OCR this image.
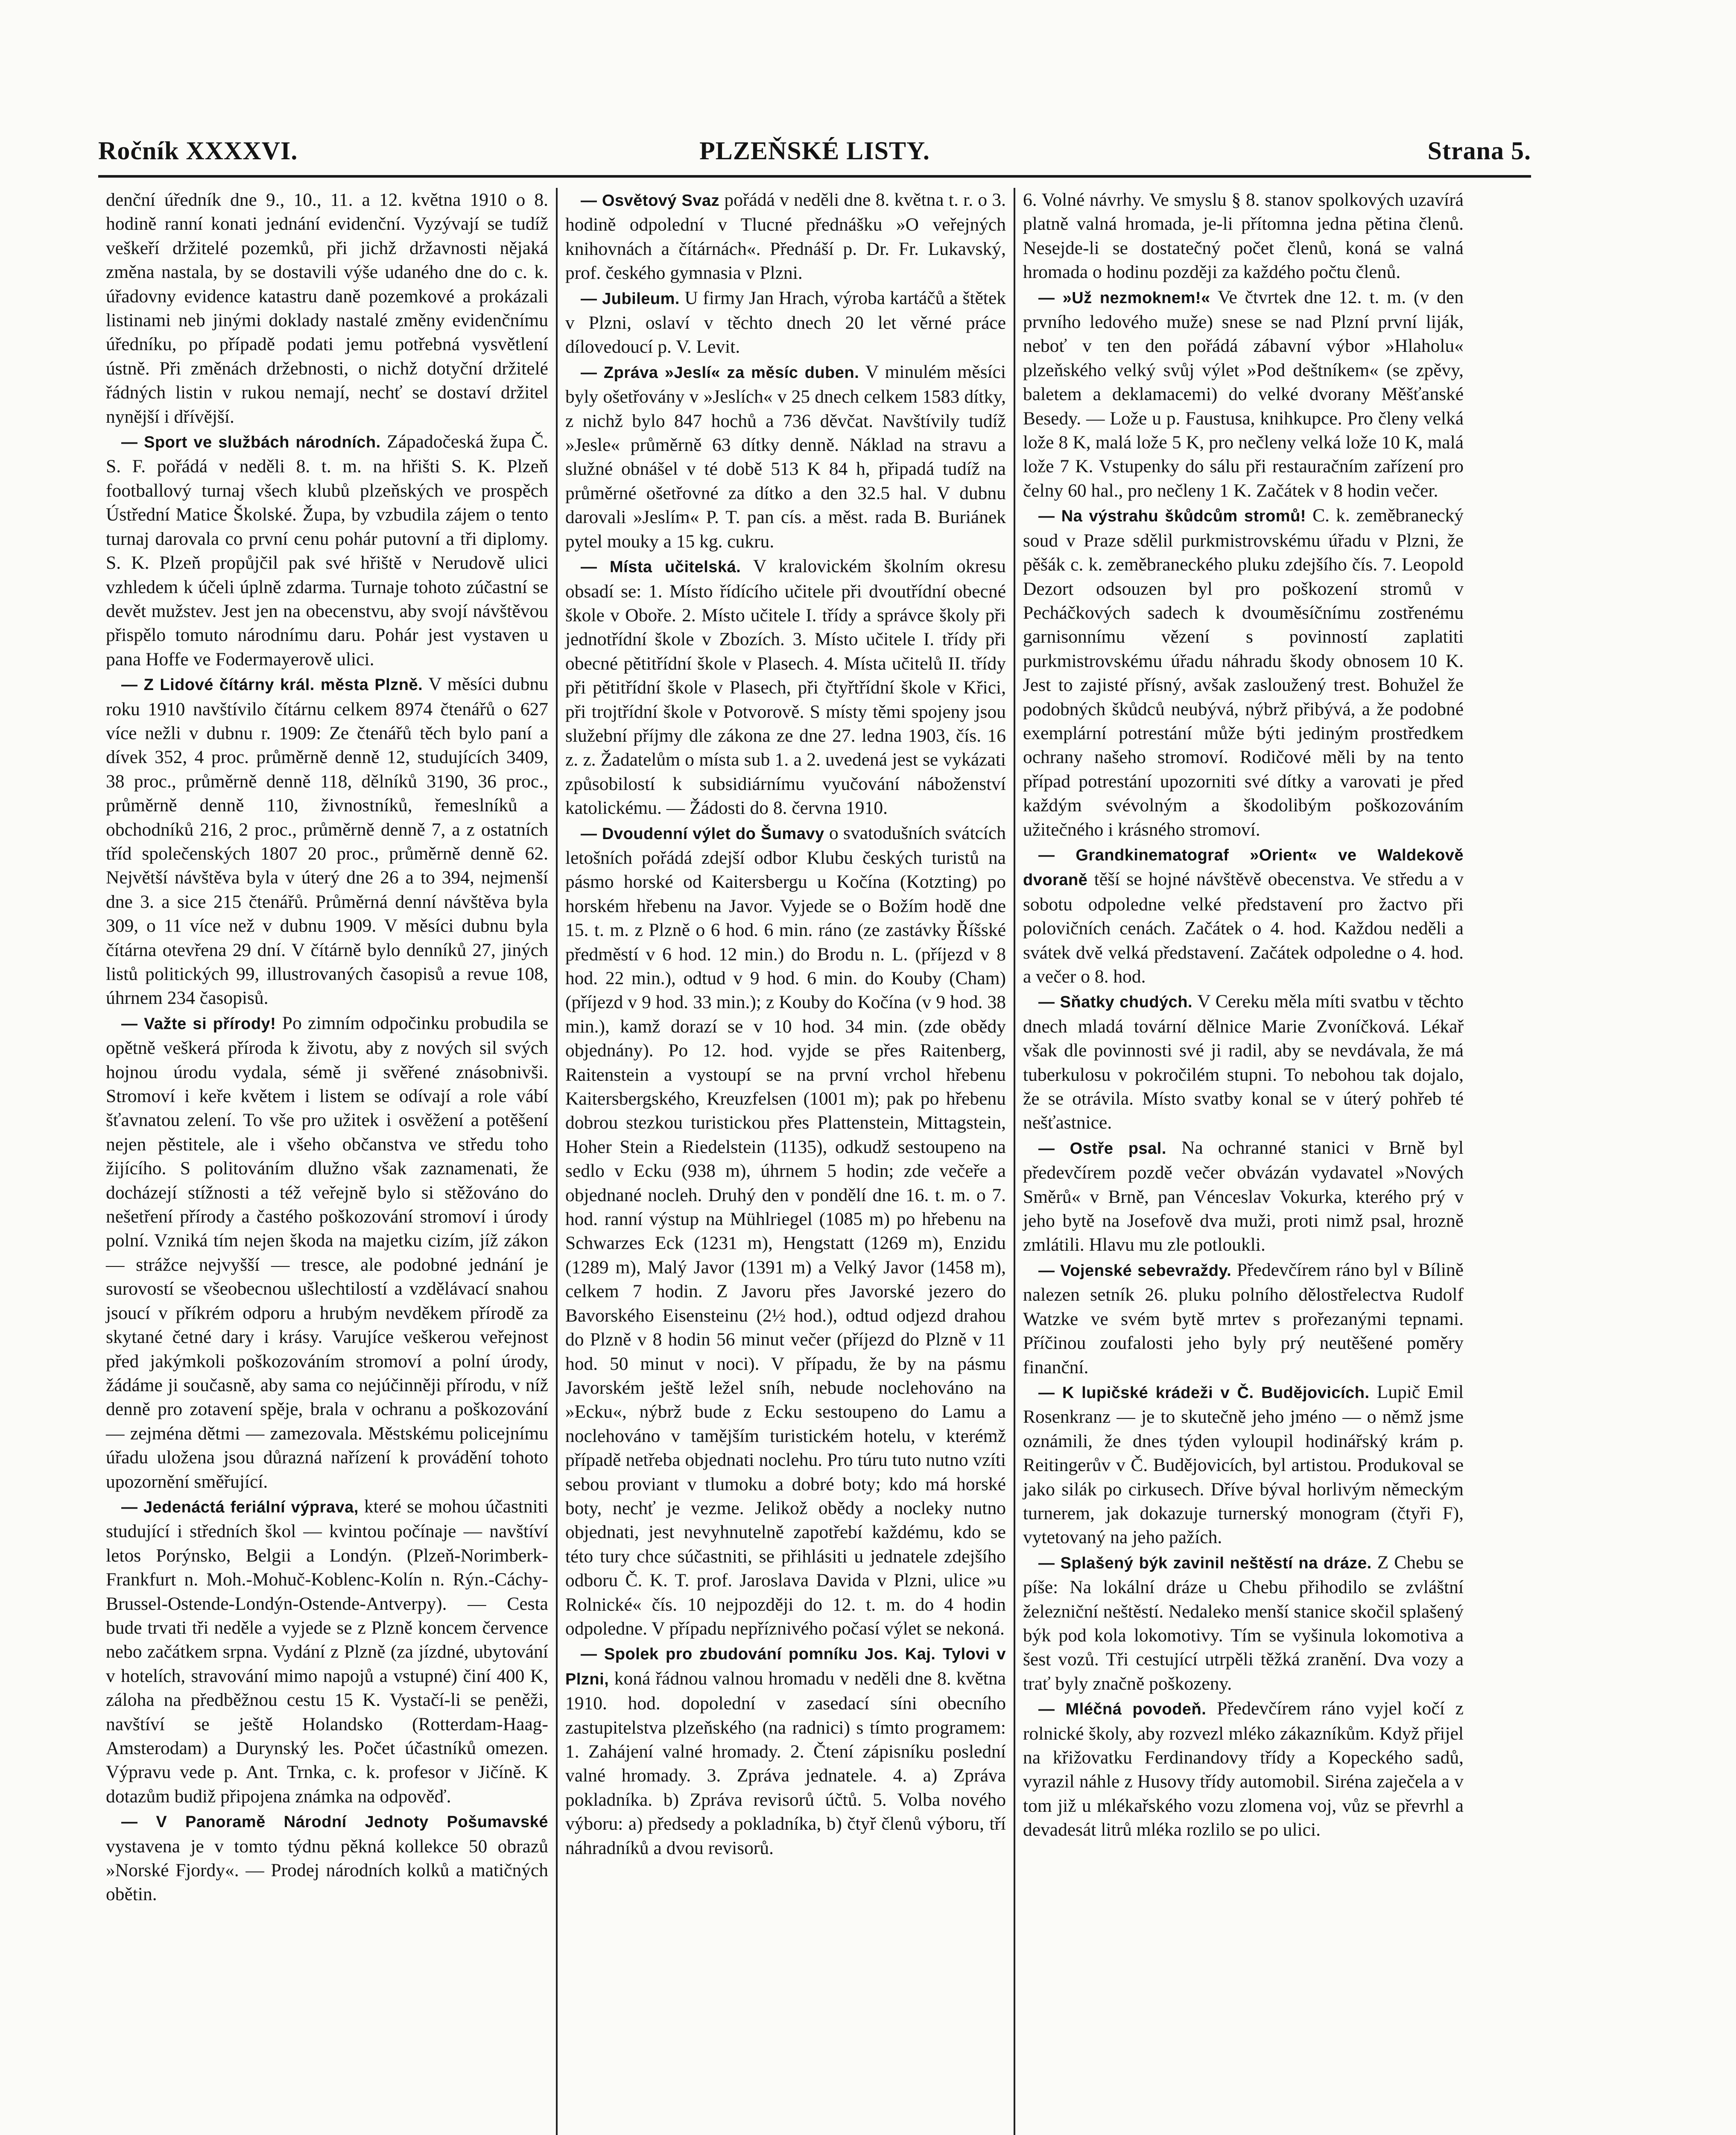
Ročník XXXXVI.	PLZEŇSKÉ LISTY.	Strana 5.

denční úředník dne 9., 10., 11. a 12. května 1910 o 8. hodině ranní konati jednání evidenční. Vyzývají se tudíž veškeří držitelé pozemků, při jichž državnosti nějaká změna nastala, by se dostavili výše udaného dne do c. k. úřadovny evidence katastru daně pozemkové a prokázali listinami neb jinými doklady nastalé změny evidenčnímu úředníku, po případě podati jemu potřebná vysvětlení ústně. Při změnách držebnosti, o nichž dotyční držitelé řádných listin v rukou nemají, nechť se dostaví držitel nynější i dřívější.

— Sport ve službách národních. Západočeská župa Č. S. F. pořádá v neděli 8. t. m. na hřišti S. K. Plzeň footballový turnaj všech klubů plzeňských ve prospěch Ústřední Matice Školské. Župa, by vzbudila zájem o tento turnaj darovala co první cenu pohár putovní a tři diplomy. S. K. Plzeň propůjčil pak své hřiště v Nerudově ulici vzhledem k účeli úplně zdarma. Turnaje tohoto zúčastní se devět mužstev. Jest jen na obecenstvu, aby svojí návštěvou přispělo tomuto národnímu daru. Pohár jest vystaven u pana Hoffe ve Fodermayerově ulici.

— Z Lidové čítárny král. města Plzně. V měsíci dubnu roku 1910 navštívilo čítárnu celkem 8974 čtenářů o 627 více nežli v dubnu r. 1909: Ze čtenářů těch bylo paní a dívek 352, 4 proc. průměrně denně 12, studujících 3409, 38 proc., průměrně denně 118, dělníků 3190, 36 proc., průměrně denně 110, živnostníků, řemeslníků a obchodníků 216, 2 proc., průměrně denně 7, a z ostatních tříd společenských 1807 20 proc., průměrně denně 62. Největší návštěva byla v úterý dne 26 a to 394, nejmenší dne 3. a sice 215 čtenářů. Průměrná denní návštěva byla 309, o 11 více než v dubnu 1909. V měsíci dubnu byla čítárna otevřena 29 dní. V čítárně bylo denníků 27, jiných listů politických 99, illustrovaných časopisů a revue 108, úhrnem 234 časopisů.

— Važte si přírody! Po zimním odpočinku probudila se opětně veškerá příroda k životu, aby z nových sil svých hojnou úrodu vydala, sémě ji svěřené znásobnivši. Stromoví i keře květem i listem se odívají a role vábí šťavnatou zelení. To vše pro užitek i osvěžení a potěšení nejen pěstitele, ale i všeho občanstva ve středu toho žijícího. S politováním dlužno však zaznamenati, že docházejí stížnosti a též veřejně bylo si stěžováno do nešetření přírody a častého poškozování stromoví i úrody polní. Vzniká tím nejen škoda na majetku cizím, jíž zákon — strážce nejvyšší — tresce, ale podobné jednání je surovostí se všeobecnou ušlechtilostí a vzdělávací snahou jsoucí v příkrém odporu a hrubým nevděkem přírodě za skytané četné dary i krásy. Varujíce veškerou veřejnost před jakýmkoli poškozováním stromoví a polní úrody, žádáme ji současně, aby sama co nejúčinněji přírodu, v níž denně pro zotavení spěje, brala v ochranu a poškozování — zejména dětmi — zamezovala. Městskému policejnímu úřadu uložena jsou důrazná nařízení k provádění tohoto upozornění směřující.

— Jedenáctá feriální výprava, které se mohou účastniti studující i středních škol — kvintou počínaje — navštíví letos Porýnsko, Belgii a Londýn. (Plzeň-Norimberk-Frankfurt n. Moh.-Mohuč-Koblenc-Kolín n. Rýn.-Cáchy-Brussel-Ostende-Londýn-Ostende-Antverpy). — Cesta bude trvati tři neděle a vyjede se z Plzně koncem července nebo začátkem srpna. Vydání z Plzně (za jízdné, ubytování v hotelích, stravování mimo napojů a vstupné) činí 400 K, záloha na předběžnou cestu 15 K. Vystačí-li se peněži, navštíví se ještě Holandsko (Rotterdam-Haag-Amsterodam) a Durynský les. Počet účastníků omezen. Výpravu vede p. Ant. Trnka, c. k. profesor v Jičíně. K dotazům budiž připojena známka na odpověď.

— V Panoramě Národní Jednoty Pošumavské vystavena je v tomto týdnu pěkná kollekce 50 obrazů »Norské Fjordy«. — Prodej národních kolků a matičných obětin.

— Osvětový Svaz pořádá v neděli dne 8. května t. r. o 3. hodině odpolední v Tlucné přednášku »O veřejných knihovnách a čítárnách«. Přednáší p. Dr. Fr. Lukavský, prof. českého gymnasia v Plzni.

— Jubileum. U firmy Jan Hrach, výroba kartáčů a štětek v Plzni, oslaví v těchto dnech 20 let věrné práce dílovedoucí p. V. Levit.

— Zpráva »Jeslí« za měsíc duben. V minulém měsíci byly ošetřovány v »Jeslích« v 25 dnech celkem 1583 dítky, z nichž bylo 847 hochů a 736 děvčat. Navštívily tudíž »Jesle« průměrně 63 dítky denně. Náklad na stravu a služné obnášel v té době 513 K 84 h, připadá tudíž na průměrné ošetřovné za dítko a den 32.5 hal. V dubnu darovali »Jeslím« P. T. pan cís. a měst. rada B. Buriánek pytel mouky a 15 kg. cukru.

— Místa učitelská. V kralovickém školním okresu obsadí se: 1. Místo řídícího učitele při dvoutřídní obecné škole v Oboře. 2. Místo učitele I. třídy a správce školy při jednotřídní škole v Zbozích. 3. Místo učitele I. třídy při obecné pětitřídní škole v Plasech. 4. Místa učitelů II. třídy při pětitřídní škole v Plasech, při čtyřtřídní škole v Křici, při trojtřídní škole v Potvorově. S místy těmi spojeny jsou služební příjmy dle zákona ze dne 27. ledna 1903, čís. 16 z. z. Žadatelům o místa sub 1. a 2. uvedená jest se vykázati způsobilostí k subsidiárnímu vyučování náboženství katolickému. — Žádosti do 8. června 1910.

— Dvoudenní výlet do Šumavy o svatodušních svátcích letošních pořádá zdejší odbor Klubu českých turistů na pásmo horské od Kaitersbergu u Kočína (Kotzting) po horském hřebenu na Javor. Vyjede se o Božím hodě dne 15. t. m. z Plzně o 6 hod. 6 min. ráno (ze zastávky Říšské předměstí v 6 hod. 12 min.) do Brodu n. L. (příjezd v 8 hod. 22 min.), odtud v 9 hod. 6 min. do Kouby (Cham) (příjezd v 9 hod. 33 min.); z Kouby do Kočína (v 9 hod. 38 min.), kamž dorazí se v 10 hod. 34 min. (zde obědy objednány). Po 12. hod. vyjde se přes Raitenberg, Raitenstein a vystoupí se na první vrchol hřebenu Kaitersbergského, Kreuzfelsen (1001 m); pak po hřebenu dobrou stezkou turistickou přes Plattenstein, Mittagstein, Hoher Stein a Riedelstein (1135), odkudž sestoupeno na sedlo v Ecku (938 m), úhrnem 5 hodin; zde večeře a objednané nocleh. Druhý den v pondělí dne 16. t. m. o 7. hod. ranní výstup na Mühlriegel (1085 m) po hřebenu na Schwarzes Eck (1231 m), Hengstatt (1269 m), Enzidu (1289 m), Malý Javor (1391 m) a Velký Javor (1458 m), celkem 7 hodin. Z Javoru přes Javorské jezero do Bavorského Eisensteinu (2½ hod.), odtud odjezd drahou do Plzně v 8 hodin 56 minut večer (příjezd do Plzně v 11 hod. 50 minut v noci). V případu, že by na pásmu Javorském ještě ležel sníh, nebude noclehováno na »Ecku«, nýbrž bude z Ecku sestoupeno do Lamu a noclehováno v tamějším turistickém hotelu, v kterémž případě netřeba objednati noclehu. Pro túru tuto nutno vzíti sebou proviant v tlumoku a dobré boty; kdo má horské boty, nechť je vezme. Jelikož obědy a nocleky nutno objednati, jest nevyhnutelně zapotřebí každému, kdo se této tury chce súčastniti, se přihlásiti u jednatele zdejšího odboru Č. K. T. prof. Jaroslava Davida v Plzni, ulice »u Rolnické« čís. 10 nejpozději do 12. t. m. do 4 hodin odpoledne. V případu nepříznivého počasí výlet se nekoná.

— Spolek pro zbudování pomníku Jos. Kaj. Tylovi v Plzni, koná řádnou valnou hromadu v neděli dne 8. května 1910. hod. dopolední v zasedací síni obecního zastupitelstva plzeňského (na radnici) s tímto programem: 1. Zahájení valné hromady. 2. Čtení zápisníku poslední valné hromady. 3. Zpráva jednatele. 4. a) Zpráva pokladníka. b) Zpráva revisorů účtů. 5. Volba nového výboru: a) předsedy a pokladníka, b) čtyř členů výboru, tří náhradníků a dvou revisorů.

6. Volné návrhy. Ve smyslu § 8. stanov spolkových uzavírá platně valná hromada, je-li přítomna jedna pětina členů. Nesejde-li se dostatečný počet členů, koná se valná hromada o hodinu později za každého počtu členů.

— »Už nezmoknem!« Ve čtvrtek dne 12. t. m. (v den prvního ledového muže) snese se nad Plzní první liják, neboť v ten den pořádá zábavní výbor »Hlaholu« plzeňského velký svůj výlet »Pod deštníkem« (se zpěvy, baletem a deklamacemi) do velké dvorany Měšťanské Besedy. — Lože u p. Faustusa, knihkupce. Pro členy velká lože 8 K, malá lože 5 K, pro nečleny velká lože 10 K, malá lože 7 K. Vstupenky do sálu při restauračním zařízení pro čelny 60 hal., pro nečleny 1 K. Začátek v 8 hodin večer.

— Na výstrahu škůdcům stromů! C. k. zeměbranecký soud v Praze sdělil purkmistrovskému úřadu v Plzni, že pěšák c. k. zeměbraneckého pluku zdejšího čís. 7. Leopold Dezort odsouzen byl pro poškození stromů v Pecháčkových sadech k dvouměsíčnímu zostřenému garnisonnímu vězení s povinností zaplatiti purkmistrovskému úřadu náhradu škody obnosem 10 K. Jest to zajisté přísný, avšak zasloužený trest. Bohužel že podobných škůdců neubývá, nýbrž přibývá, a že podobné exemplární potrestání může býti jediným prostředkem ochrany našeho stromoví. Rodičové měli by na tento případ potrestání upozorniti své dítky a varovati je před každým svévolným a škodolibým poškozováním užitečného i krásného stromoví.

— Grandkinematograf »Orient« ve Waldekově dvoraně těší se hojné návštěvě obecenstva. Ve středu a v sobotu odpoledne velké představení pro žactvo při polovičních cenách. Začátek o 4. hod. Každou neděli a svátek dvě velká představení. Začátek odpoledne o 4. hod. a večer o 8. hod.

— Sňatky chudých. V Cereku měla míti svatbu v těchto dnech mladá tovární dělnice Marie Zvoníčková. Lékař však dle povinnosti své ji radil, aby se nevdávala, že má tuberkulosu v pokročilém stupni. To nebohou tak dojalo, že se otrávila. Místo svatby konal se v úterý pohřeb té nešťastnice.

— Ostře psal. Na ochranné stanici v Brně byl předevčírem pozdě večer obvázán vydavatel »Nových Směrů« v Brně, pan Vénceslav Vokurka, kterého prý v jeho bytě na Josefově dva muži, proti nimž psal, hrozně zmlátili. Hlavu mu zle potloukli.

— Vojenské sebevraždy. Předevčírem ráno byl v Bílině nalezen setník 26. pluku polního dělostřelectva Rudolf Watzke ve svém bytě mrtev s prořezanými tepnami. Příčinou zoufalosti jeho byly prý neutěšené poměry finanční.

— K lupičské krádeži v Č. Budějovicích. Lupič Emil Rosenkranz — je to skutečně jeho jméno — o němž jsme oznámili, že dnes týden vyloupil hodinářský krám p. Reitingerův v Č. Budějovicích, byl artistou. Produkoval se jako silák po cirkusech. Dříve býval horlivým německým turnerem, jak dokazuje turnerský monogram (čtyři F), vytetovaný na jeho pažích.

— Splašený býk zavinil neštěstí na dráze. Z Chebu se píše: Na lokální dráze u Chebu přihodilo se zvláštní železniční neštěstí. Nedaleko menší stanice skočil splašený býk pod kola lokomotivy. Tím se vyšinula lokomotiva a šest vozů. Tři cestující utrpěli těžká zranění. Dva vozy a trať byly značně poškozeny.

— Mléčná povodeň. Předevčírem ráno vyjel kočí z rolnické školy, aby rozvezl mléko zákazníkům. Když přijel na křižovatku Ferdinandovy třídy a Kopeckého sadů, vyrazil náhle z Husovy třídy automobil. Siréna zaječela a v tom již u mlékařského vozu zlomena voj, vůz se převrhl a devadesát litrů mléka rozlilo se po ulici.
